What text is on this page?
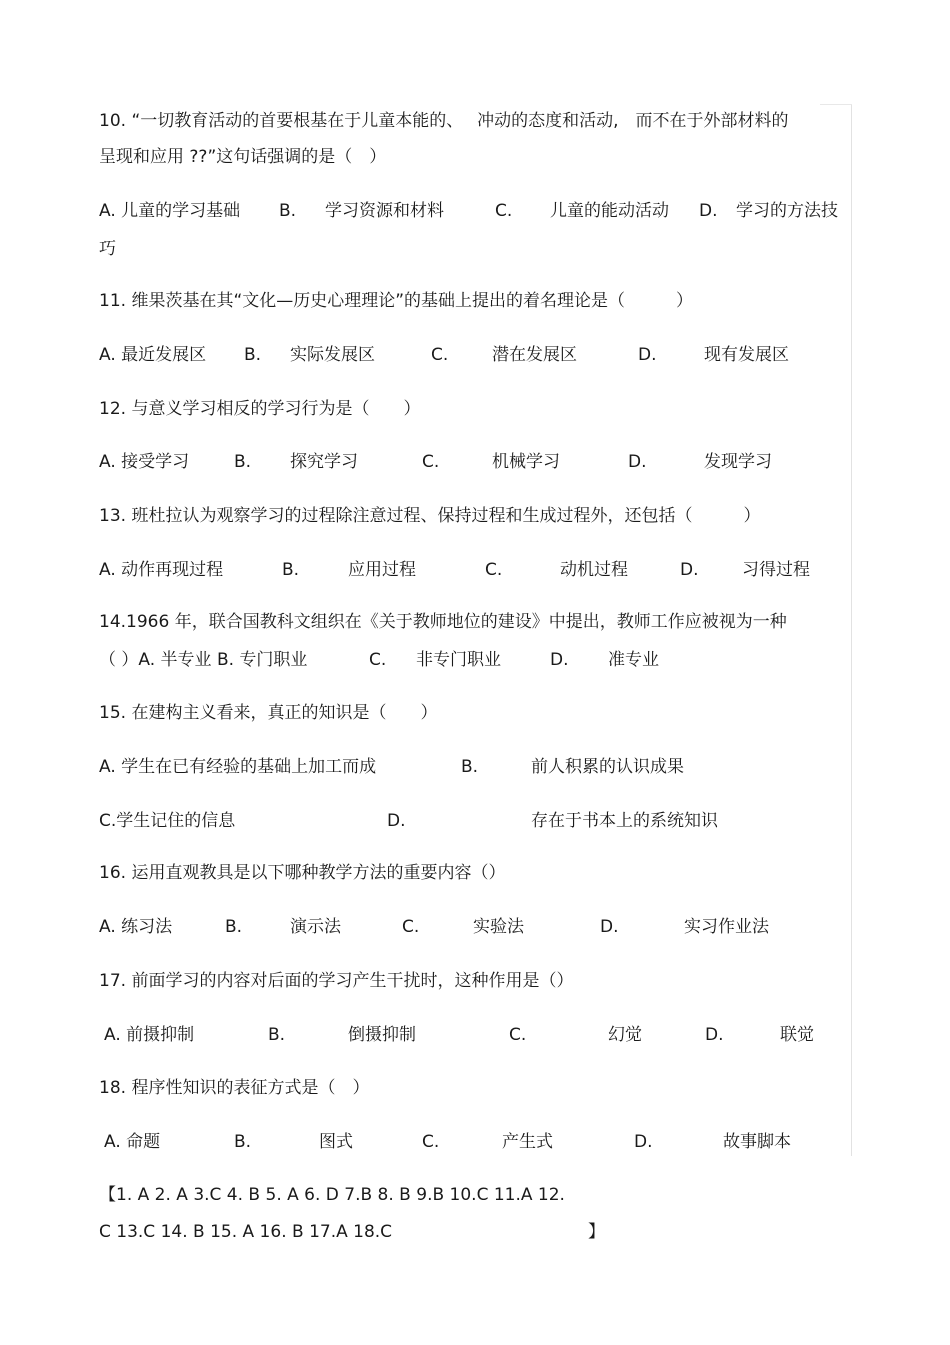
10. “一切教育活动的首要根基在于儿童本能的、　 冲动的态度和活动,　而不在于外部材料的
呈现和应用 ??”这句话强调的是（　）
A. 儿童的学习基础 B. 学习资源和材料	C. 儿童的能动活动 D. 学习的方法技
巧
11. 维果茨基在其“文化—历史心理理论”的基础上提出的着名理论是（　　　）
A. 最近发展区 B. 实际发展区	C.	潜在发展区	D.	现有发展区
12. 与意义学习相反的学习行为是（　　）
A. 接受学习	B. 探究学习	C.	机械学习	D.	发现学习
13. 班杜拉认为观察学习的过程除注意过程、保持过程和生成过程外，还包括（　　　）
A. 动作再现过程	B.	应用过程	C.	动机过程	D.	习得过程
14.1966 年，联合国教科文组织在《关于教师地位的建设》中提出，教师工作应被视为一种
（ ）A. 半专业 B. 专门职业	C. 非专门职业	D. 准专业
15. 在建构主义看来，真正的知识是（　　）
A. 学生在已有经验的基础上加工而成	B.	前人积累的认识成果
C.学生记住的信息	D.	存在于书本上的系统知识
16. 运用直观教具是以下哪种教学方法的重要内容（）
A. 练习法	B.	演示法	C.	实验法	D.	实习作业法
17. 前面学习的内容对后面的学习产生干扰时，这种作用是（）
A. 前摄抑制	B.	倒摄抑制	C.	幻觉	D.	联觉
18. 程序性知识的表征方式是（　）
A. 命题	B.	图式	C.	产生式	D.	故事脚本
【1. A 2. A 3.C 4. B 5. A 6. D 7.B 8. B 9.B 10.C 11.A 12.
C 13.C 14. B 15. A 16. B 17.A 18.C	】
